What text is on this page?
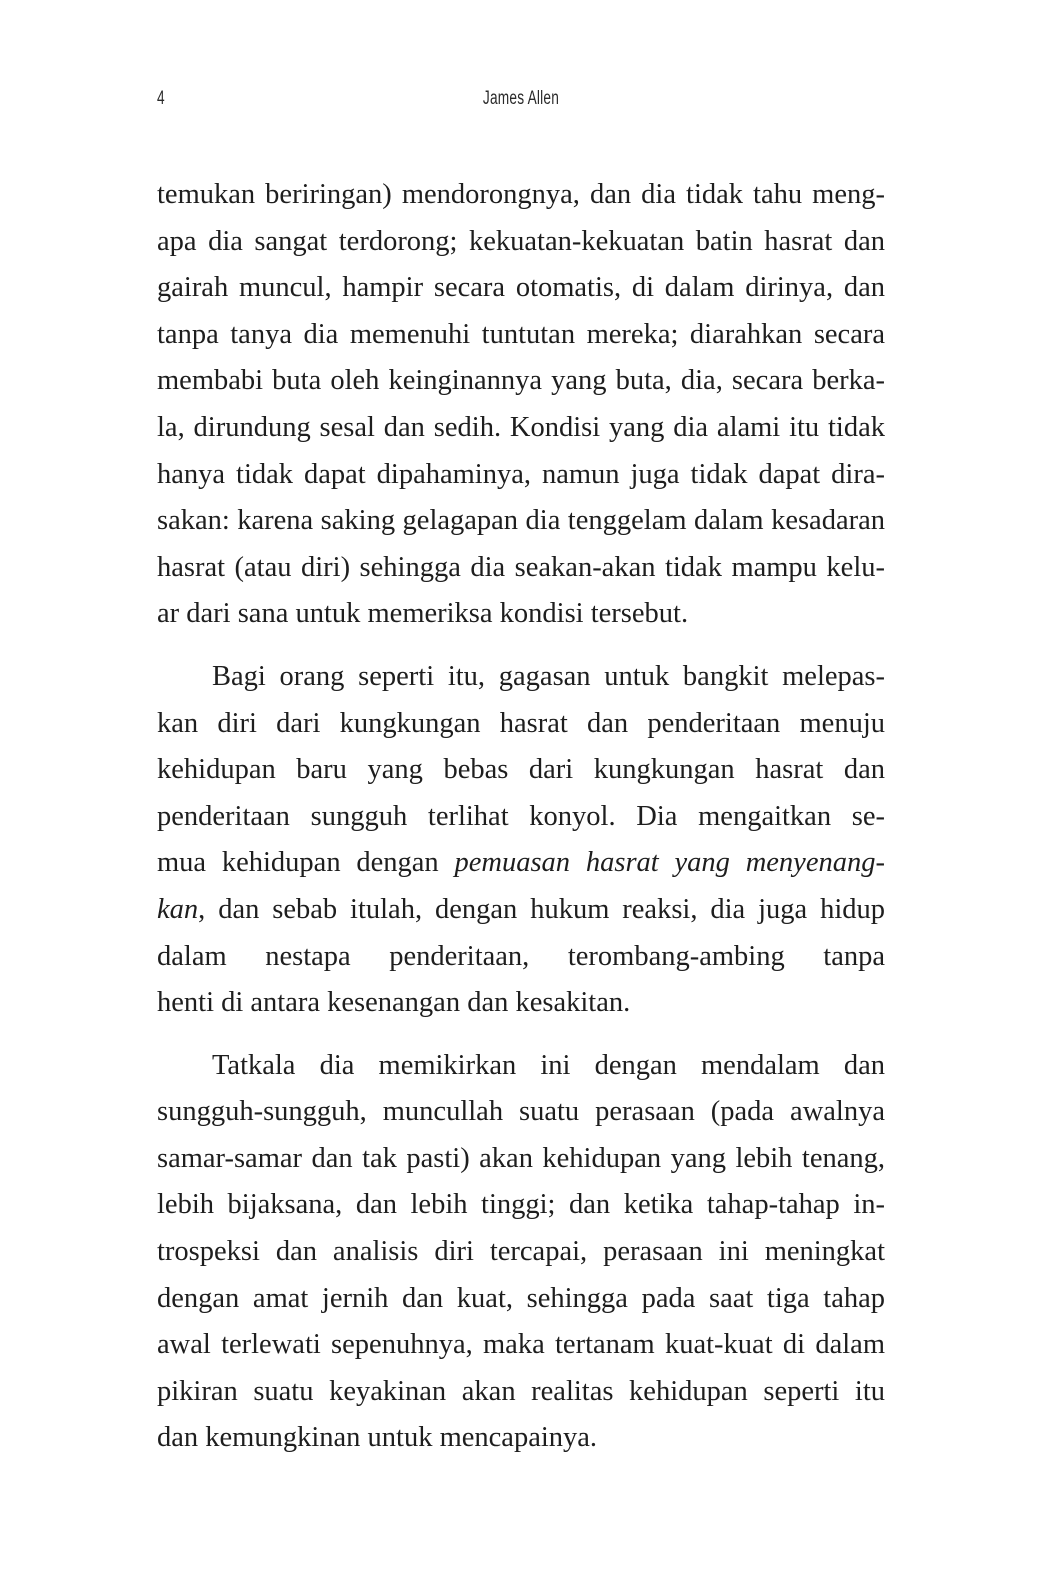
4	James Allen

temukan beriringan) mendorongnya, dan dia tidak tahu meng-
apa dia sangat terdorong; kekuatan-kekuatan batin hasrat dan
gairah muncul, hampir secara otomatis, di dalam dirinya, dan
tanpa tanya dia memenuhi tuntutan mereka; diarahkan secara
membabi buta oleh keinginannya yang buta, dia, secara berka-
la, dirundung sesal dan sedih. Kondisi yang dia alami itu tidak
hanya tidak dapat dipahaminya, namun juga tidak dapat dira-
sakan: karena saking gelagapan dia tenggelam dalam kesadaran
hasrat (atau diri) sehingga dia seakan-akan tidak mampu kelu-
ar dari sana untuk memeriksa kondisi tersebut.

Bagi orang seperti itu, gagasan untuk bangkit melepas-
kan diri dari kungkungan hasrat dan penderitaan menuju
kehidupan baru yang bebas dari kungkungan hasrat dan
penderitaan sungguh terlihat konyol. Dia mengaitkan se-
mua kehidupan dengan pemuasan hasrat yang menyenang-
kan, dan sebab itulah, dengan hukum reaksi, dia juga hidup
dalam nestapa penderitaan, terombang-ambing tanpa
henti di antara kesenangan dan kesakitan.

Tatkala dia memikirkan ini dengan mendalam dan
sungguh-sungguh, muncullah suatu perasaan (pada awalnya
samar-samar dan tak pasti) akan kehidupan yang lebih tenang,
lebih bijaksana, dan lebih tinggi; dan ketika tahap-tahap in-
trospeksi dan analisis diri tercapai, perasaan ini meningkat
dengan amat jernih dan kuat, sehingga pada saat tiga tahap
awal terlewati sepenuhnya, maka tertanam kuat-kuat di dalam
pikiran suatu keyakinan akan realitas kehidupan seperti itu
dan kemungkinan untuk mencapainya.
